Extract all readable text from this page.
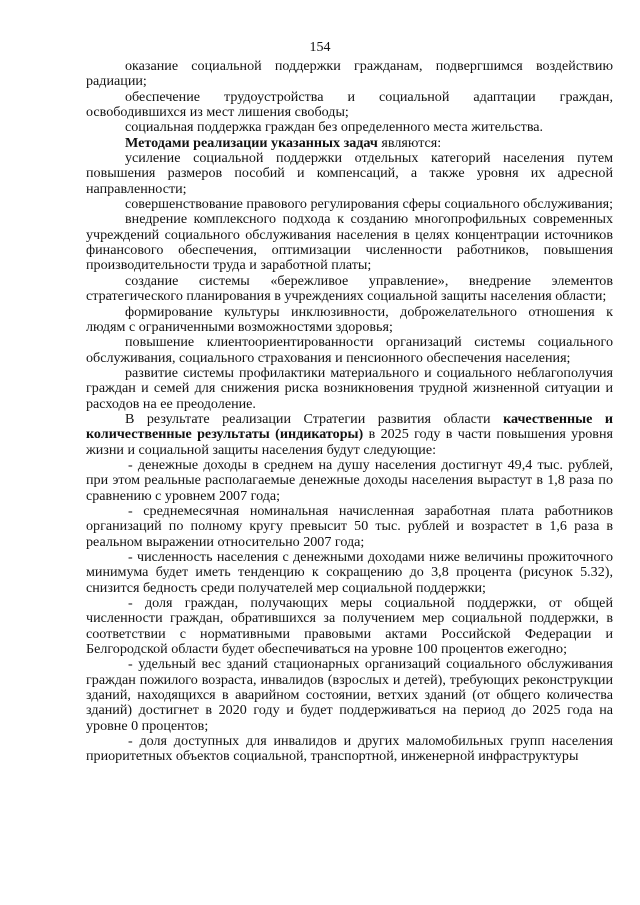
154

оказание социальной поддержки гражданам, подвергшимся воздействию радиации;

обеспечение трудоустройства и социальной адаптации граждан, освободившихся из мест лишения свободы;

социальная поддержка граждан без определенного места жительства.

Методами реализации указанных задач являются:

усиление социальной поддержки отдельных категорий населения путем повышения размеров пособий и компенсаций, а также уровня их адресной направленности;

совершенствование правового регулирования сферы социального обслуживания;

внедрение комплексного подхода к созданию многопрофильных современных учреждений социального обслуживания населения в целях концентрации источников финансового обеспечения, оптимизации численности работников, повышения производительности труда и заработной платы;

создание системы «бережливое управление», внедрение элементов стратегического планирования в учреждениях социальной защиты населения области;

формирование культуры инклюзивности, доброжелательного отношения к людям с ограниченными возможностями здоровья;

повышение клиентоориентированности организаций системы социального обслуживания, социального страхования и пенсионного обеспечения населения;

развитие системы профилактики материального и социального неблагополучия граждан и семей для снижения риска возникновения трудной жизненной ситуации и расходов на ее преодоление.

В результате реализации Стратегии развития области качественные и количественные результаты (индикаторы) в 2025 году в части повышения уровня жизни и социальной защиты населения будут следующие:

- денежные доходы в среднем на душу населения достигнут 49,4 тыс. рублей, при этом реальные располагаемые денежные доходы населения вырастут в 1,8 раза по сравнению с уровнем 2007 года;

- среднемесячная номинальная начисленная заработная плата работников организаций по полному кругу превысит 50 тыс. рублей и возрастет в 1,6 раза в реальном выражении относительно 2007 года;

- численность населения с денежными доходами ниже величины прожиточного минимума будет иметь тенденцию к сокращению до 3,8 процента (рисунок 5.32), снизится бедность среди получателей мер социальной поддержки;

- доля граждан, получающих меры социальной поддержки, от общей численности граждан, обратившихся за получением мер социальной поддержки, в соответствии с нормативными правовыми актами Российской Федерации и Белгородской области будет обеспечиваться на уровне 100 процентов ежегодно;

- удельный вес зданий стационарных организаций социального обслуживания граждан пожилого возраста, инвалидов (взрослых и детей), требующих реконструкции зданий, находящихся в аварийном состоянии, ветхих зданий (от общего количества зданий) достигнет в 2020 году и будет поддерживаться на период до 2025 года на уровне 0 процентов;

- доля доступных для инвалидов и других маломобильных групп населения приоритетных объектов социальной, транспортной, инженерной инфраструктуры
